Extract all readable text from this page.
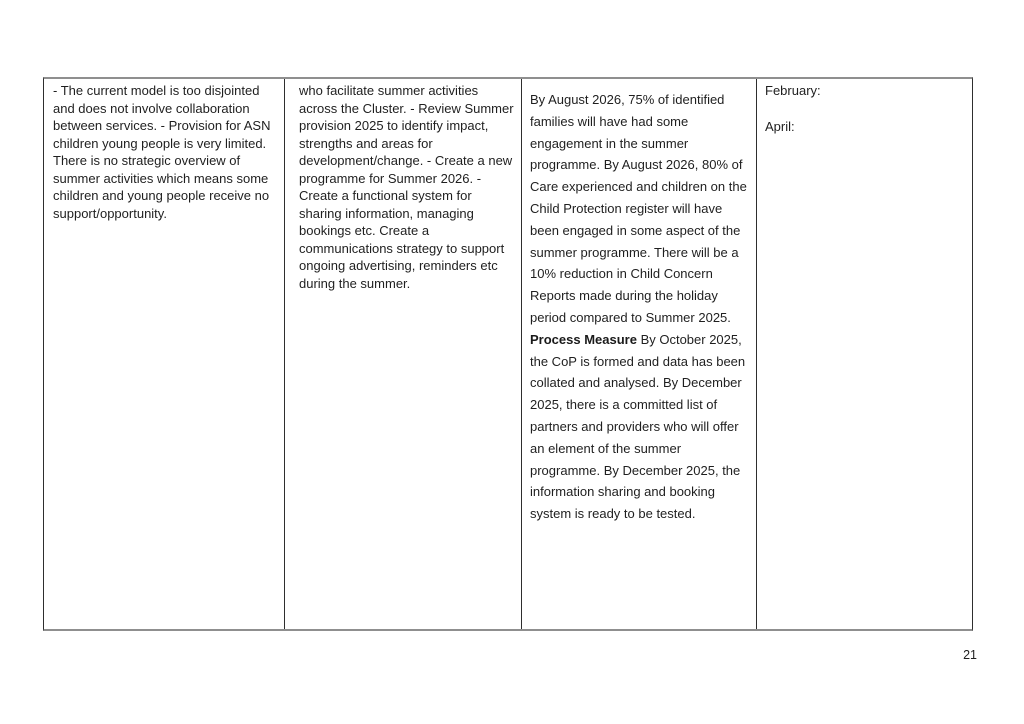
- The current model is too disjointed and does not involve collaboration between services. - Provision for ASN children young people is very limited. There is no strategic overview of summer activities which means some children and young people receive no support/opportunity.
who facilitate summer activities across the Cluster. - Review Summer provision 2025 to identify impact, strengths and areas for development/change. - Create a new programme for Summer 2026. - Create a functional system for sharing information, managing bookings etc. Create a communications strategy to support ongoing advertising, reminders etc during the summer.
By August 2026, 75% of identified families will have had some engagement in the summer programme. By August 2026, 80% of Care experienced and children on the Child Protection register will have been engaged in some aspect of the summer programme. There will be a 10% reduction in Child Concern Reports made during the holiday period compared to Summer 2025. Process Measure By October 2025, the CoP is formed and data has been collated and analysed. By December 2025, there is a committed list of partners and providers who will offer an element of the summer programme. By December 2025, the information sharing and booking system is ready to be tested.
February:
April:
21
